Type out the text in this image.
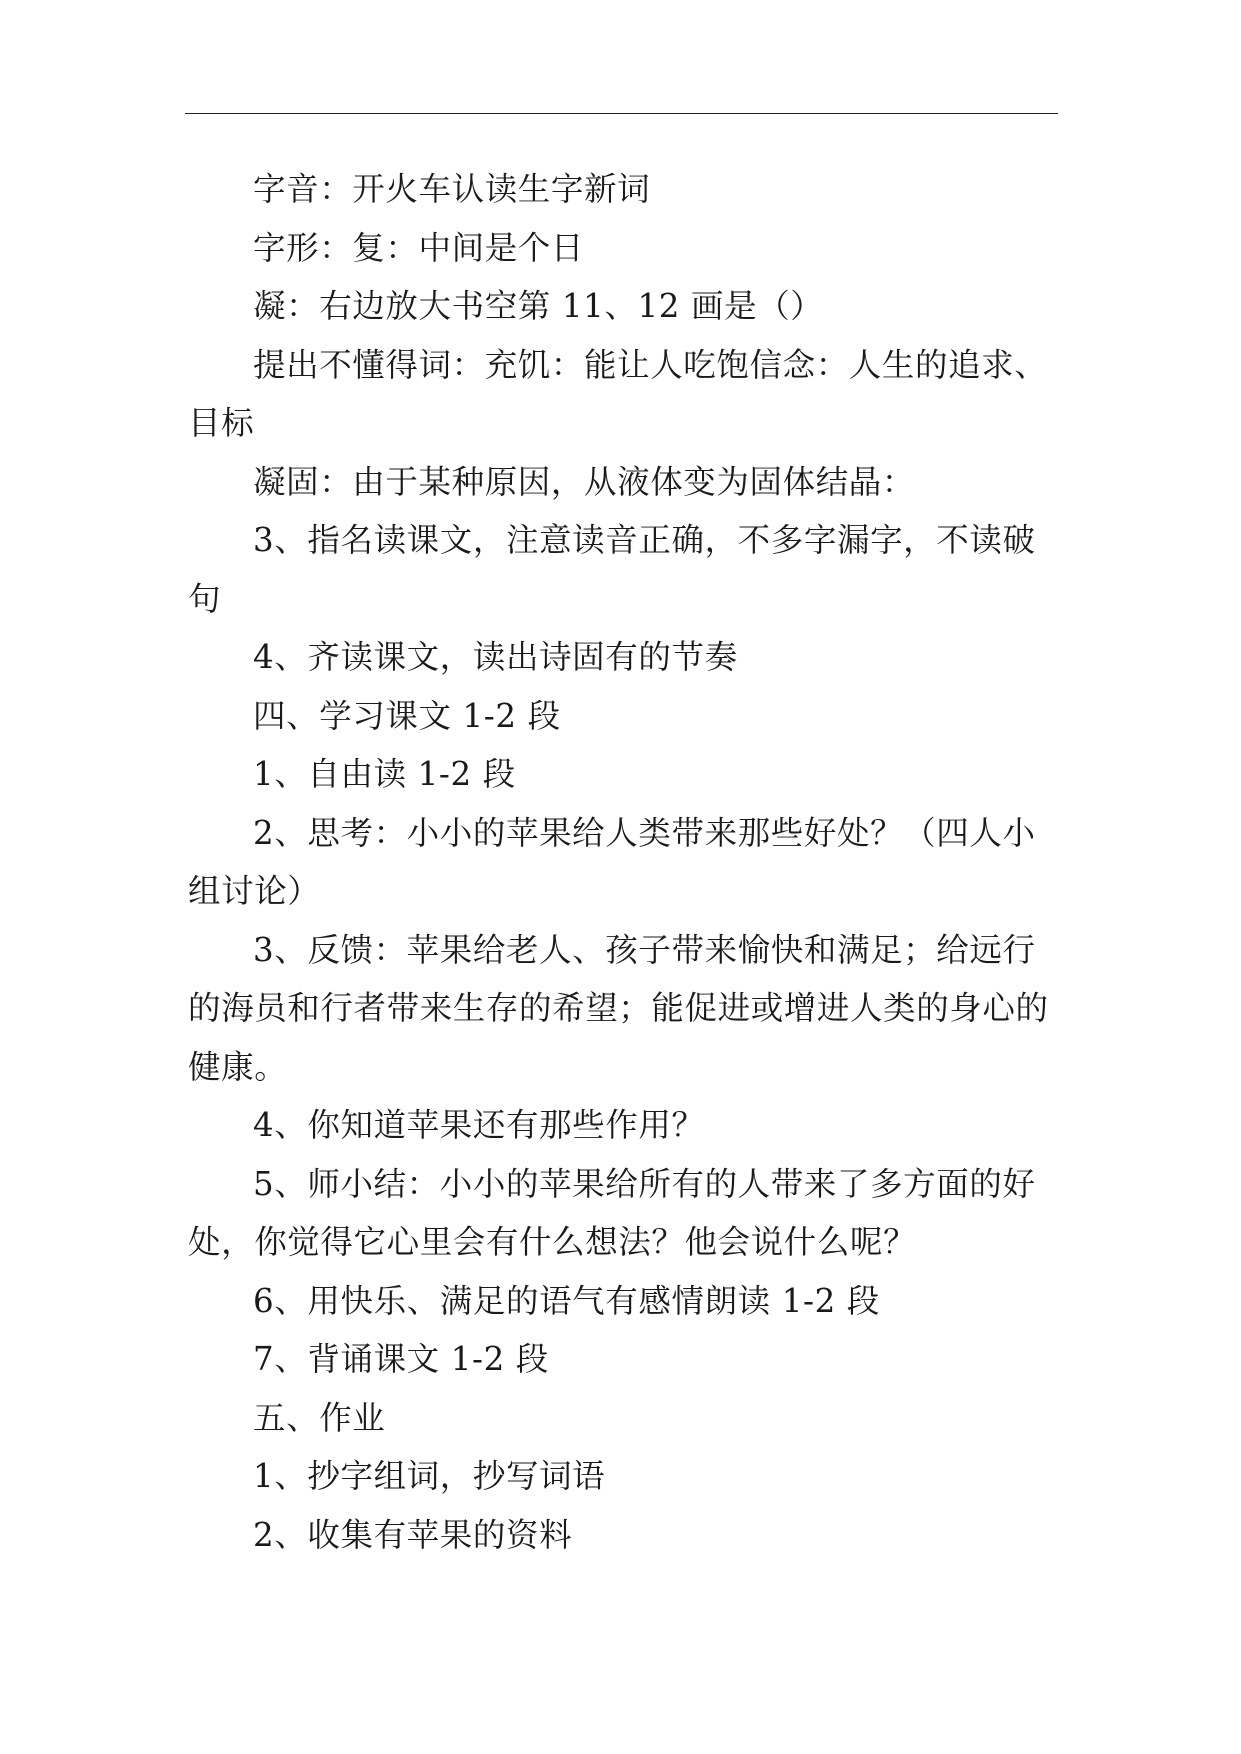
字音：开火车认读生字新词

字形：复：中间是个日

凝：右边放大书空第 11、12 画是（）

提出不懂得词：充饥：能让人吃饱信念：人生的追求、目标

凝固：由于某种原因，从液体变为固体结晶：

3、指名读课文，注意读音正确，不多字漏字，不读破句

4、齐读课文，读出诗固有的节奏

四、学习课文 1-2 段

1、自由读 1-2 段

2、思考：小小的苹果给人类带来那些好处？（四人小组讨论）

3、反馈：苹果给老人、孩子带来愉快和满足；给远行的海员和行者带来生存的希望；能促进或增进人类的身心的健康。

4、你知道苹果还有那些作用？

5、师小结：小小的苹果给所有的人带来了多方面的好处，你觉得它心里会有什么想法？他会说什么呢？

6、用快乐、满足的语气有感情朗读 1-2 段

7、背诵课文 1-2 段

五、作业

1、抄字组词，抄写词语

2、收集有苹果的资料
